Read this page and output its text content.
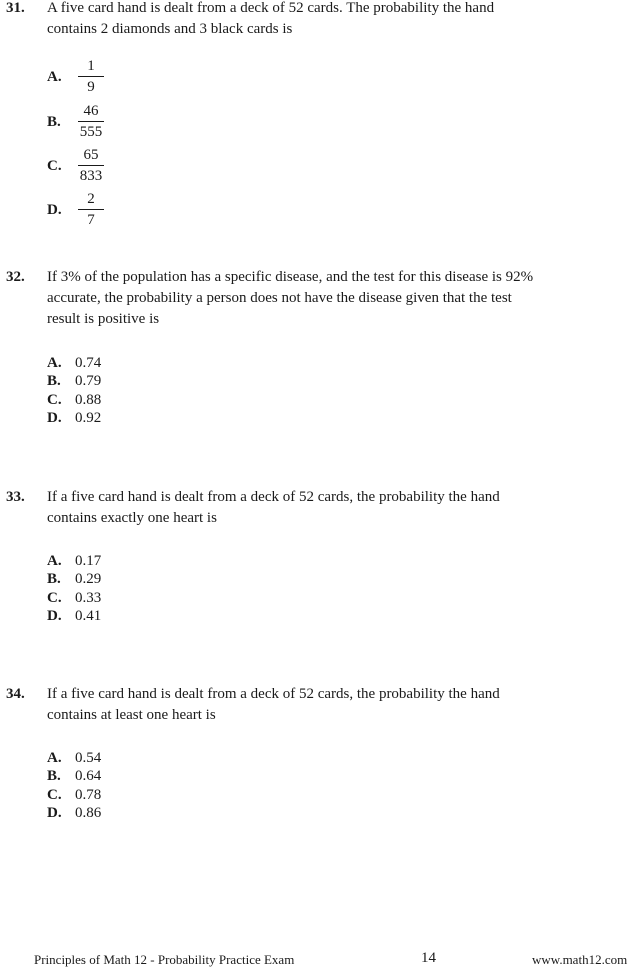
31. A five card hand is dealt from a deck of 52 cards. The probability the hand
contains 2 diamonds and 3 black cards is
A. $\frac{1}{9}$
B. $\frac{46}{555}$
C. $\frac{65}{833}$
D. $\frac{2}{7}$
32. If 3% of the population has a specific disease, and the test for this disease is 92%
accurate, the probability a person does not have the disease given that the test
result is positive is
A. 0.74
B. 0.79
C. 0.88
D. 0.92
33. If a five card hand is dealt from a deck of 52 cards, the probability the hand
contains exactly one heart is
A. 0.17
B. 0.29
C. 0.33
D. 0.41
34. If a five card hand is dealt from a deck of 52 cards, the probability the hand
contains at least one heart is
A. 0.54
B. 0.64
C. 0.78
D. 0.86
Principles of Math 12 - Probability Practice Exam	14	www.math12.com
